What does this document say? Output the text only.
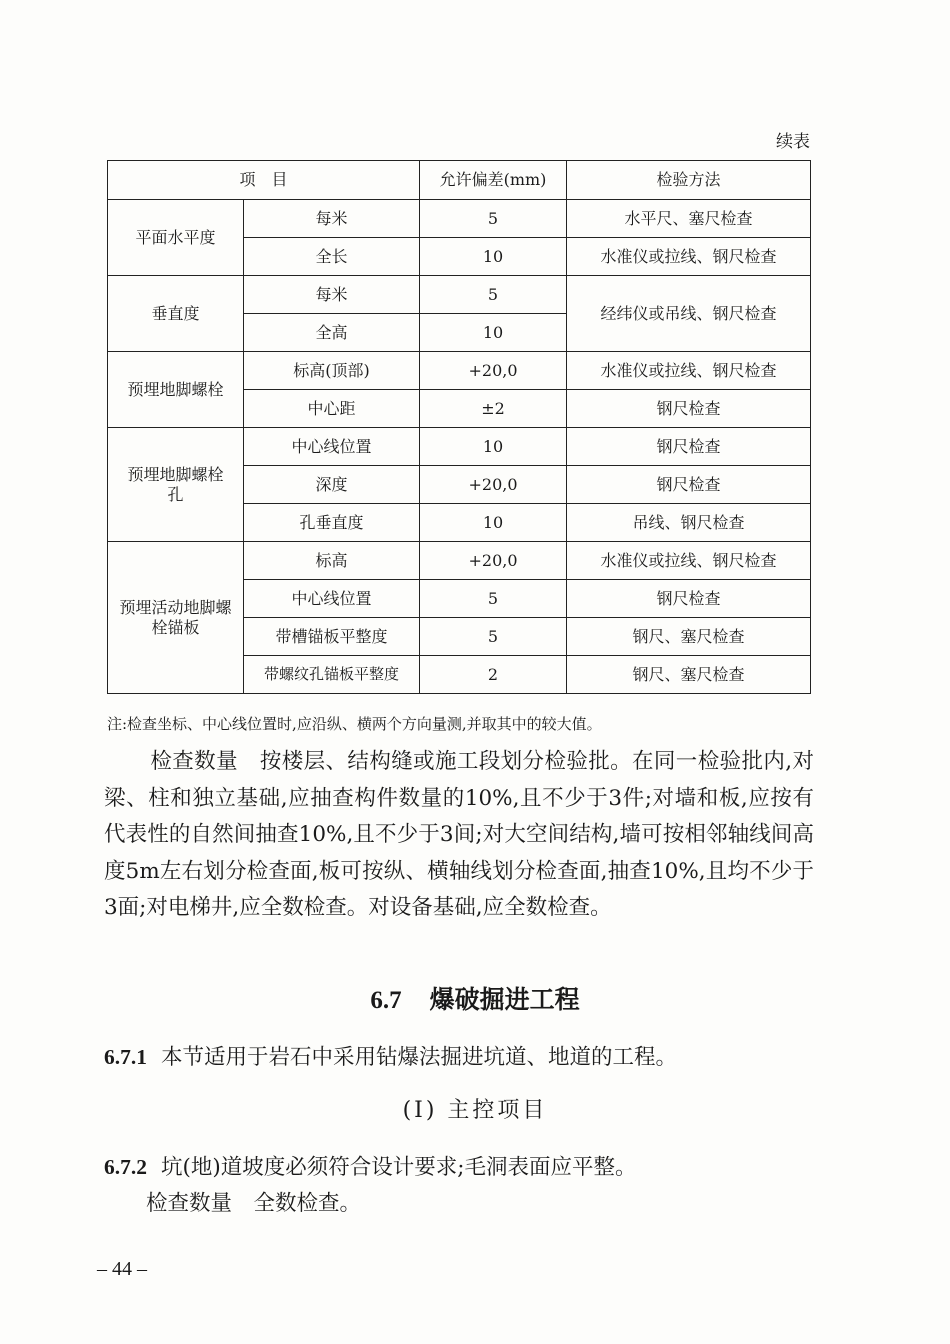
续表
项　目		允许偏差(mm)	检验方法
平面水平度	每米	5	水平尺、塞尺检查
	全长	10	水准仪或拉线、钢尺检查
垂直度	每米	5	经纬仪或吊线、钢尺检查
	全高	10	
预埋地脚螺栓	标高(顶部)	+20,0	水准仪或拉线、钢尺检查
	中心距	±2	钢尺检查
预埋地脚螺栓孔	中心线位置	10	钢尺检查
	深度	+20,0	钢尺检查
	孔垂直度	10	吊线、钢尺检查
预埋活动地脚螺栓锚板	标高	+20,0	水准仪或拉线、钢尺检查
	中心线位置	5	钢尺检查
	带槽锚板平整度	5	钢尺、塞尺检查
	带螺纹孔锚板平整度	2	钢尺、塞尺检查
注:检查坐标、中心线位置时,应沿纵、横两个方向量测,并取其中的较大值。
检查数量　按楼层、结构缝或施工段划分检验批。在同一检验批内,对梁、柱和独立基础,应抽查构件数量的10%,且不少于3件;对墙和板,应按有代表性的自然间抽查10%,且不少于3间;对大空间结构,墙可按相邻轴线间高度5m左右划分检查面,板可按纵、横轴线划分检查面,抽查10%,且均不少于3面;对电梯井,应全数检查。对设备基础,应全数检查。
6.7 爆破掘进工程
6.7.1 本节适用于岩石中采用钻爆法掘进坑道、地道的工程。
(Ⅰ) 主控项目
6.7.2 坑(地)道坡度必须符合设计要求;毛洞表面应平整。
检查数量　全数检查。
– 44 –
